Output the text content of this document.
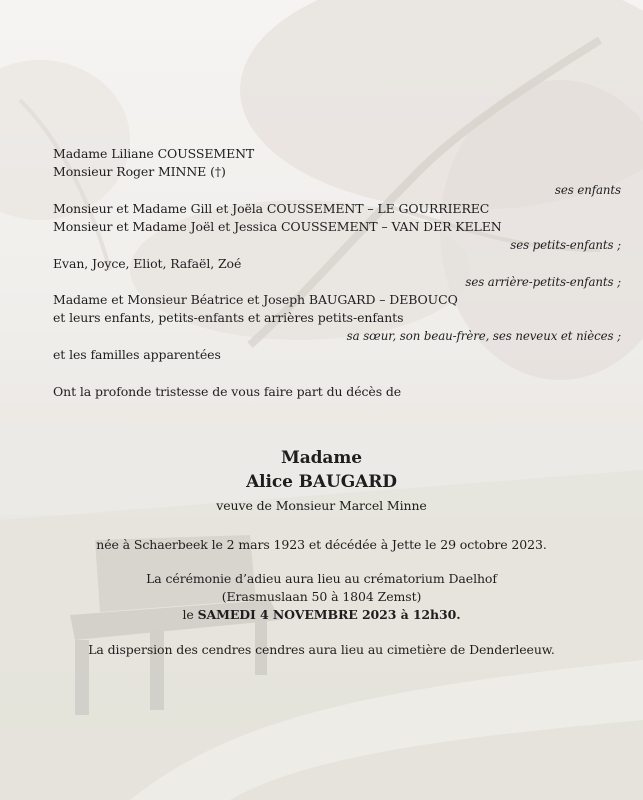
Madame Liliane COUSSEMENT
Monsieur Roger MINNE (†)
ses enfants
Monsieur et Madame Gill et Joëla COUSSEMENT – LE GOURRIEREC
Monsieur et Madame Joël et Jessica COUSSEMENT – VAN DER KELEN
ses petits-enfants ;
Evan, Joyce, Eliot, Rafaël, Zoé
ses arrière-petits-enfants ;
Madame et Monsieur Béatrice et Joseph BAUGARD – DEBOUCQ
et leurs enfants, petits-enfants et arrières petits-enfants
sa sœur, son beau-frère, ses neveux et nièces ;
et les familles apparentées
Ont la profonde tristesse de vous faire part du décès de
Madame
Alice BAUGARD
veuve de Monsieur Marcel Minne
née à Schaerbeek le 2 mars 1923 et décédée à Jette le 29 octobre 2023.
La cérémonie d’adieu aura lieu au crématorium Daelhof
(Erasmuslaan 50 à 1804 Zemst)
le SAMEDI 4 NOVEMBRE 2023 à 12h30.
La dispersion des cendres cendres aura lieu au cimetière de Denderleeuw.
